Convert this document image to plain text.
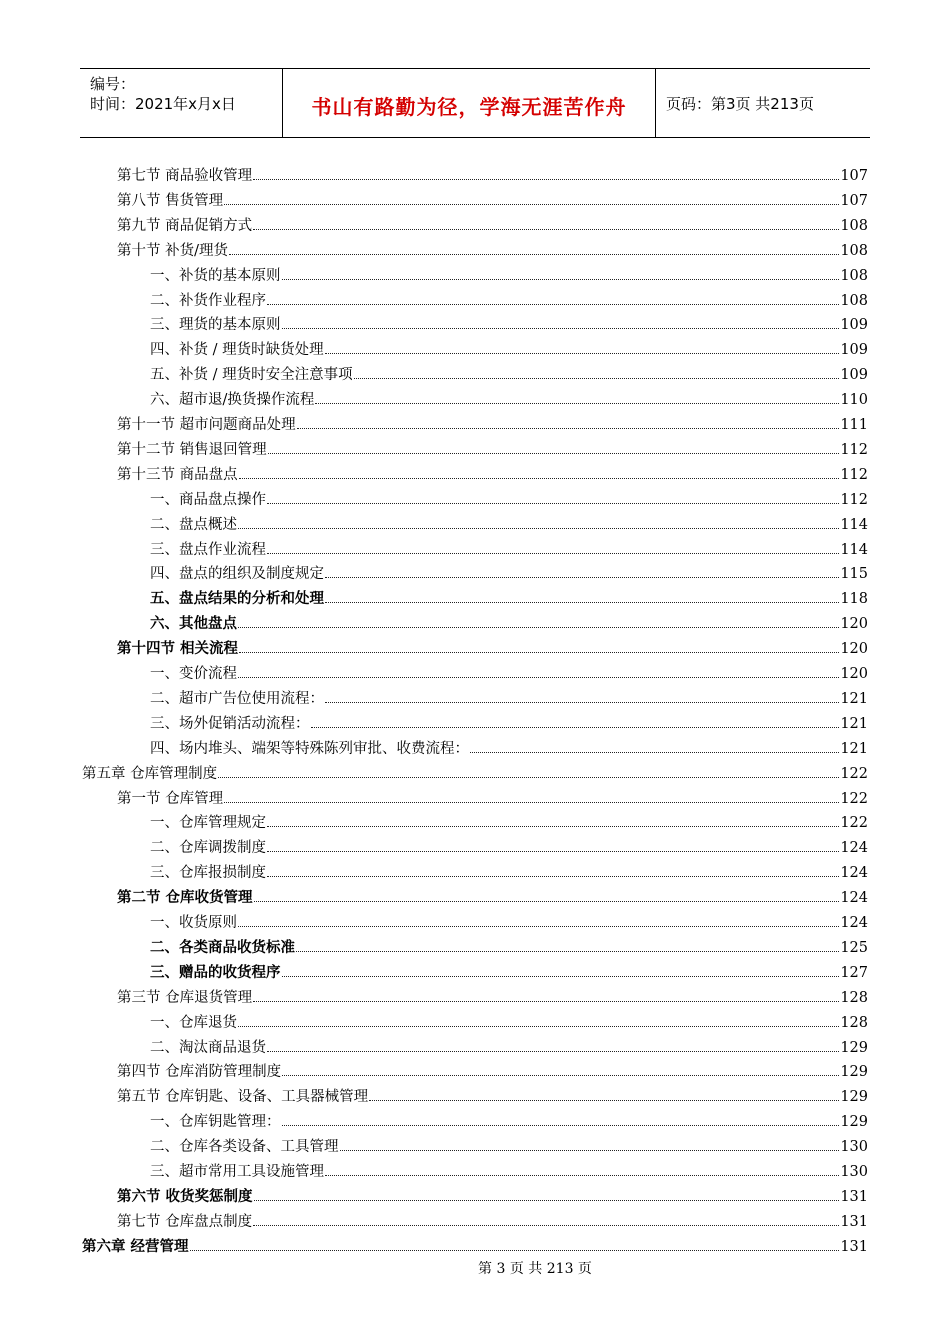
编号：
时间：2021年x月x日	书山有路勤为径，学海无涯苦作舟	页码：第3页 共213页
第七节 商品验收管理	107
第八节 售货管理	107
第九节 商品促销方式	108
第十节 补货/理货	108
一、补货的基本原则	108
二、补货作业程序	108
三、理货的基本原则	109
四、补货 / 理货时缺货处理	109
五、补货 / 理货时安全注意事项	109
六、超市退/换货操作流程	110
第十一节 超市问题商品处理	111
第十二节 销售退回管理	112
第十三节 商品盘点	112
一、商品盘点操作	112
二、盘点概述	114
三、盘点作业流程	114
四、盘点的组织及制度规定	115
五、盘点结果的分析和处理	118
六、其他盘点	120
第十四节 相关流程	120
一、变价流程	120
二、超市广告位使用流程：	121
三、场外促销活动流程：	121
四、场内堆头、端架等特殊陈列审批、收费流程：	121
第五章 仓库管理制度	122
第一节 仓库管理	122
一、仓库管理规定	122
二、仓库调拨制度	124
三、仓库报损制度	124
第二节 仓库收货管理	124
一、收货原则	124
二、各类商品收货标准	125
三、赠品的收货程序	127
第三节 仓库退货管理	128
一、仓库退货	128
二、淘汰商品退货	129
第四节 仓库消防管理制度	129
第五节 仓库钥匙、设备、工具器械管理	129
一、仓库钥匙管理：	129
二、仓库各类设备、工具管理	130
三、超市常用工具设施管理	130
第六节 收货奖惩制度	131
第七节 仓库盘点制度	131
第六章 经营管理	131
第 3 页 共 213 页
